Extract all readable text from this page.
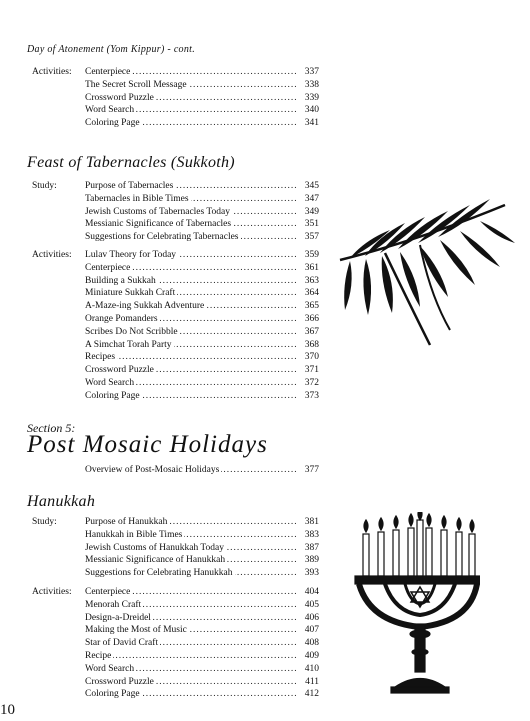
Day of Atonement (Yom Kippur) - cont.
Feast of Tabernacles (Sukkoth)
Section 5:
Post Mosaic Holidays
Hanukkah
Activities:	Centerpiece .....	337
The Secret Scroll Message .....	338
Crossword Puzzle .....	339
Word Search .....	340
Coloring Page .....	341
Study:	Purpose of Tabernacles .....	345
Tabernacles in Bible Times .....	347
Jewish Customs of Tabernacles Today .....	349
Messianic Significance of Tabernacles .....	351
Suggestions for Celebrating Tabernacles .....	357
Activities:	Lulav Theory for Today .....	359
Centerpiece .....	361
Building a Sukkah .....	363
Miniature Sukkah Craft .....	364
A-Maze-ing Sukkah Adventure .....	365
Orange Pomanders .....	366
Scribes Do Not Scribble .....	367
A Simchat Torah Party .....	368
Recipes .....	370
Crossword Puzzle .....	371
Word Search .....	372
Coloring Page .....	373
Overview of Post-Mosaic Holidays .....	377
Study:	Purpose of Hanukkah .....	381
Hanukkah in Bible Times .....	383
Jewish Customs of Hanukkah Today .....	387
Messianic Significance of Hanukkah .....	389
Suggestions for Celebrating Hanukkah .....	393
Activities:	Centerpiece .....	404
Menorah Craft .....	405
Design-a-Dreidel .....	406
Making the Most of Music .....	407
Star of David Craft .....	408
Recipe .....	409
Word Search .....	410
Crossword Puzzle .....	411
Coloring Page .....	412
10
